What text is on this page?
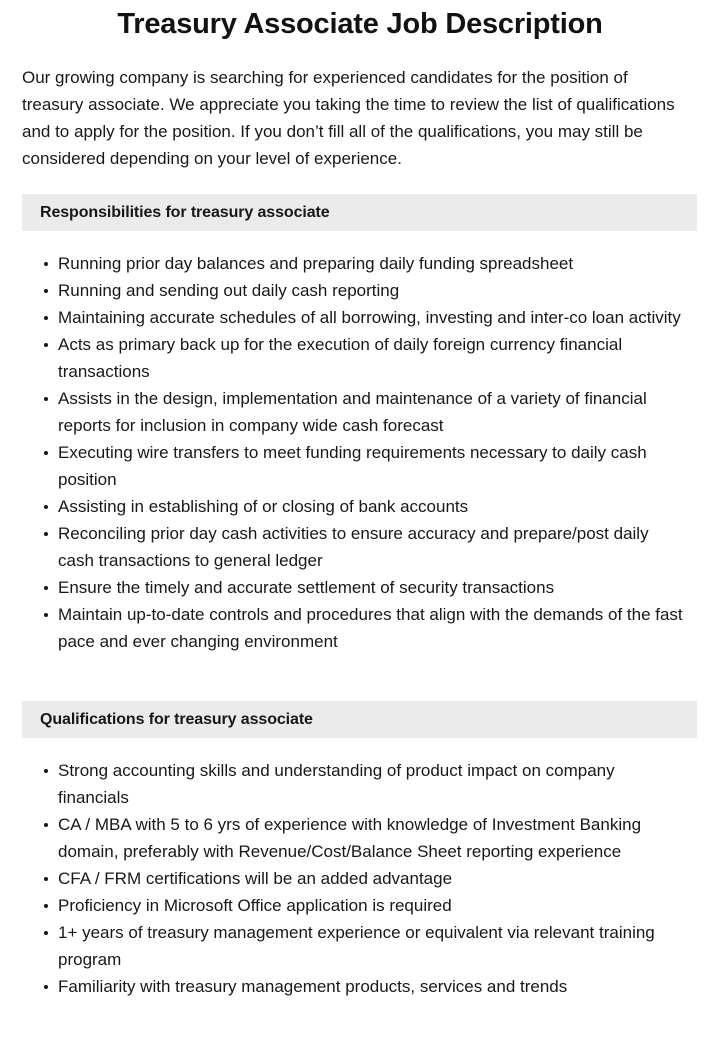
Treasury Associate Job Description

Our growing company is searching for experienced candidates for the position of treasury associate. We appreciate you taking the time to review the list of qualifications and to apply for the position. If you don’t fill all of the qualifications, you may still be considered depending on your level of experience.

Responsibilities for treasury associate
Running prior day balances and preparing daily funding spreadsheet
Running and sending out daily cash reporting
Maintaining accurate schedules of all borrowing, investing and inter-co loan activity
Acts as primary back up for the execution of daily foreign currency financial transactions
Assists in the design, implementation and maintenance of a variety of financial reports for inclusion in company wide cash forecast
Executing wire transfers to meet funding requirements necessary to daily cash position
Assisting in establishing of or closing of bank accounts
Reconciling prior day cash activities to ensure accuracy and prepare/post daily cash transactions to general ledger
Ensure the timely and accurate settlement of security transactions
Maintain up-to-date controls and procedures that align with the demands of the fast pace and ever changing environment
Qualifications for treasury associate
Strong accounting skills and understanding of product impact on company financials
CA / MBA with 5 to 6 yrs of experience with knowledge of Investment Banking domain, preferably with Revenue/Cost/Balance Sheet reporting experience
CFA / FRM certifications will be an added advantage
Proficiency in Microsoft Office application is required
1+ years of treasury management experience or equivalent via relevant training program
Familiarity with treasury management products, services and trends
